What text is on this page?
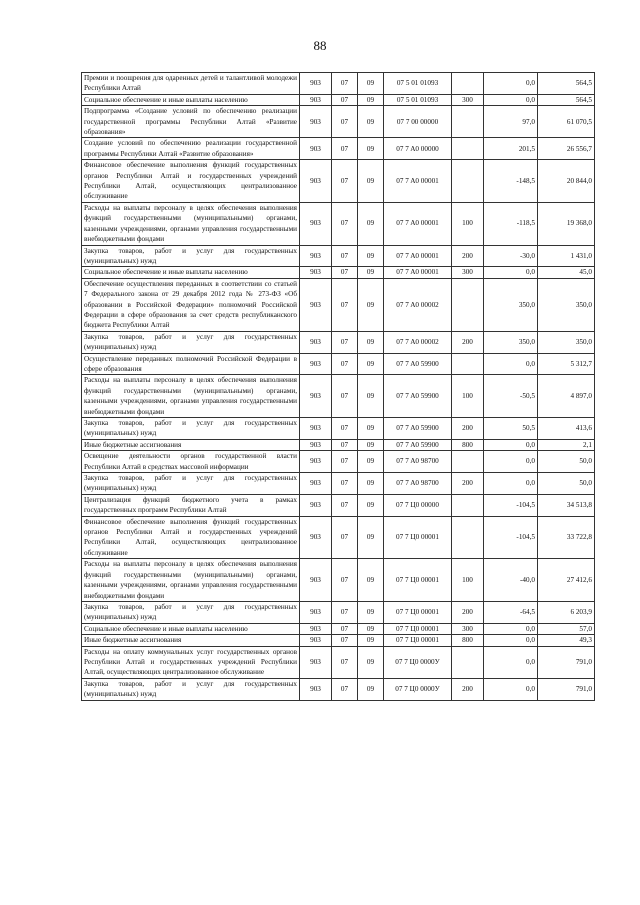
88
Премии и поощрения для одаренных детей и талантливой молодежи Республики Алтай	903	07	09	07 5 01 01093		0,0	564,5
Социальное обеспечение и иные выплаты населению	903	07	09	07 5 01 01093	300	0,0	564,5
Подпрограмма «Создание условий по обеспечению реализации государственной программы Республики Алтай «Развитие образования»	903	07	09	07 7 00 00000		97,0	61 070,5
Создание условий по обеспечению реализации государственной программы Республики Алтай «Развитие образования»	903	07	09	07 7 A0 00000		201,5	26 556,7
Финансовое обеспечение выполнения функций государственных органов Республики Алтай и государственных учреждений Республики Алтай, осуществляющих централизованное обслуживание	903	07	09	07 7 A0 00001		-148,5	20 844,0
Расходы на выплаты персоналу в целях обеспечения выполнения функций государственными (муниципальными) органами, казенными учреждениями, органами управления государственными внебюджетными фондами	903	07	09	07 7 A0 00001	100	-118,5	19 368,0
Закупка товаров, работ и услуг для государственных (муниципальных) нужд	903	07	09	07 7 A0 00001	200	-30,0	1 431,0
Социальное обеспечение и иные выплаты населению	903	07	09	07 7 A0 00001	300	0,0	45,0
Обеспечение осуществления переданных в соответствии со статьей 7 Федерального закона от 29 декабря 2012 года № 273-ФЗ «Об образовании в Российской Федерации» полномочий Российской Федерации в сфере образования за счет средств республиканского бюджета Республики Алтай	903	07	09	07 7 A0 00002		350,0	350,0
Закупка товаров, работ и услуг для государственных (муниципальных) нужд	903	07	09	07 7 A0 00002	200	350,0	350,0
Осуществление переданных полномочий Российской Федерации в сфере образования	903	07	09	07 7 A0 59900		0,0	5 312,7
Расходы на выплаты персоналу в целях обеспечения выполнения функций государственными (муниципальными) органами, казенными учреждениями, органами управления государственными внебюджетными фондами	903	07	09	07 7 A0 59900	100	-50,5	4 897,0
Закупка товаров, работ и услуг для государственных (муниципальных) нужд	903	07	09	07 7 A0 59900	200	50,5	413,6
Иные бюджетные ассигнования	903	07	09	07 7 A0 59900	800	0,0	2,1
Освещение деятельности органов государственной власти Республики Алтай в средствах массовой информации	903	07	09	07 7 A0 98700		0,0	50,0
Закупка товаров, работ и услуг для государственных (муниципальных) нужд	903	07	09	07 7 A0 98700	200	0,0	50,0
Централизация функций бюджетного учета в рамках государственных программ Республики Алтай	903	07	09	07 7 Ц0 00000		-104,5	34 513,8
Финансовое обеспечение выполнения функций государственных органов Республики Алтай и государственных учреждений Республики Алтай, осуществляющих централизованное обслуживание	903	07	09	07 7 Ц0 00001		-104,5	33 722,8
Расходы на выплаты персоналу в целях обеспечения выполнения функций государственными (муниципальными) органами, казенными учреждениями, органами управления государственными внебюджетными фондами	903	07	09	07 7 Ц0 00001	100	-40,0	27 412,6
Закупка товаров, работ и услуг для государственных (муниципальных) нужд	903	07	09	07 7 Ц0 00001	200	-64,5	6 203,9
Социальное обеспечение и иные выплаты населению	903	07	09	07 7 Ц0 00001	300	0,0	57,0
Иные бюджетные ассигнования	903	07	09	07 7 Ц0 00001	800	0,0	49,3
Расходы на оплату коммунальных услуг государственных органов Республики Алтай и государственных учреждений Республики Алтай, осуществляющих централизованное обслуживание	903	07	09	07 7 Ц0 0000У		0,0	791,0
Закупка товаров, работ и услуг для государственных (муниципальных) нужд	903	07	09	07 7 Ц0 0000У	200	0,0	791,0
